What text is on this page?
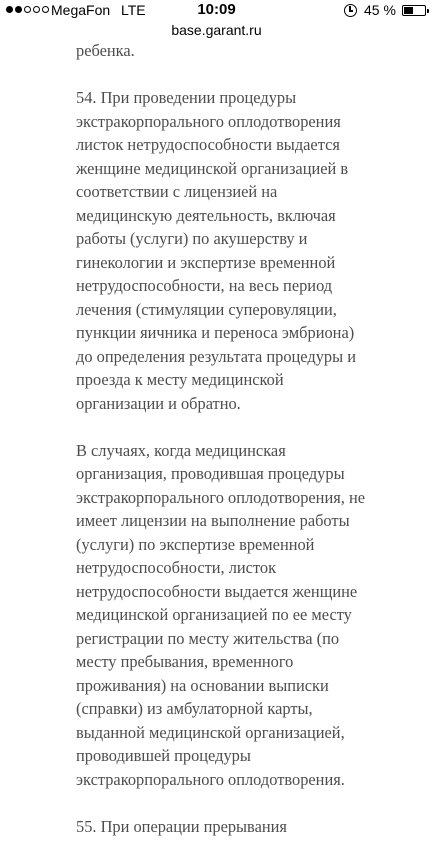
MegaFon LTE	10:09	45 %
base.garant.ru

ребенка.

54. При проведении процедуры
экстракорпорального оплодотворения
листок нетрудоспособности выдается
женщине медицинской организацией в
соответствии с лицензией на
медицинскую деятельность, включая
работы (услуги) по акушерству и
гинекологии и экспертизе временной
нетрудоспособности, на весь период
лечения (стимуляции суперовуляции,
пункции яичника и переноса эмбриона)
до определения результата процедуры и
проезда к месту медицинской
организации и обратно.

В случаях, когда медицинская
организация, проводившая процедуры
экстракорпорального оплодотворения, не
имеет лицензии на выполнение работы
(услуги) по экспертизе временной
нетрудоспособности, листок
нетрудоспособности выдается женщине
медицинской организацией по ее месту
регистрации по месту жительства (по
месту пребывания, временного
проживания) на основании выписки
(справки) из амбулаторной карты,
выданной медицинской организацией,
проводившей процедуры
экстракорпорального оплодотворения.

55. При операции прерывания
